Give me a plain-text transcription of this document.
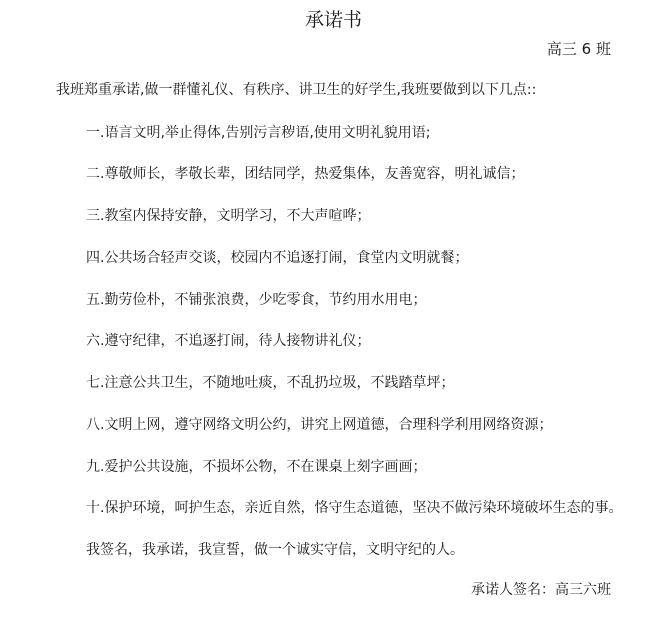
承诺书
高三 6 班
我班郑重承诺,做一群懂礼仪、有秩序、讲卫生的好学生,我班要做到以下几点::
一.语言文明,举止得体,告别污言秽语,使用文明礼貌用语;
二.尊敬师长，孝敬长辈，团结同学，热爱集体，友善宽容，明礼诚信；
三.教室内保持安静，文明学习，不大声喧哗；
四.公共场合轻声交谈，校园内不追逐打闹，食堂内文明就餐；
五.勤劳俭朴，不铺张浪费，少吃零食，节约用水用电；
六.遵守纪律，不追逐打闹，待人接物讲礼仪；
七.注意公共卫生，不随地吐痰，不乱扔垃圾，不践踏草坪；
八.文明上网，遵守网络文明公约，讲究上网道德，合理科学利用网络资源；
九.爱护公共设施，不损坏公物，不在课桌上刻字画画；
十.保护环境，呵护生态，亲近自然，恪守生态道德，坚决不做污染环境破坏生态的事。
我签名，我承诺，我宣誓，做一个诚实守信，文明守纪的人。
承诺人签名：高三六班
